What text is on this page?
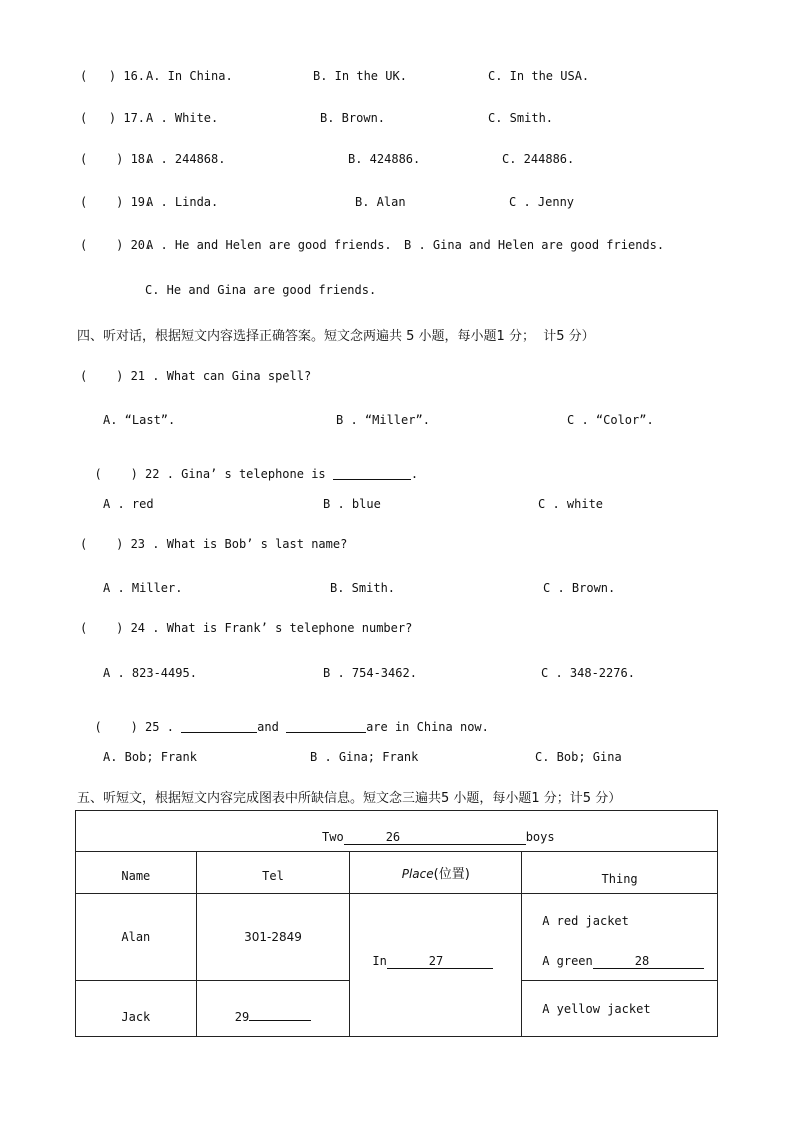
(   ) 16. A. In China.	B. In the UK.	C. In the USA.
(   ) 17. A . White.	B. Brown.	C. Smith.
(    ) 18.
A . 244868.	B. 424886.	C. 244886.
(    ) 19.
A . Linda.	B. Alan	C . Jenny
(    ) 20.
A . He and Helen are good friends. B . Gina and Helen are good friends.
C. He and Gina are good friends.
四、听对话，根据短文内容选择正确答案。短文念两遍共 5 小题，每小题1 分；  计5 分）
(    ) 21 . What can Gina spell?
A. “Last”.	B . “Miller”.	C . “Color”.

(    ) 22 . Gina’ s telephone is	.

A . red	B . blue	C . white
(    ) 23 . What is Bob’ s last name?
A . Miller.	B. Smith.	C . Brown.
(    ) 24 . What is Frank’ s telephone number?
A . 823-4495.	B . 754-3462.	C . 348-2276.

(    ) 25 .	and	are in China now.

A. Bob; Frank	B . Gina; Frank	C. Bob; Gina
五、听短文，根据短文内容完成图表中所缺信息。短文念三遍共5 小题，每小题1 分；计5 分）
Two 26 boys			

Name	Tel	Place(位置)	Thing
Alan	301-2849	In 27	A red jacket
A green 28

Jack	29		A yellow jacket
